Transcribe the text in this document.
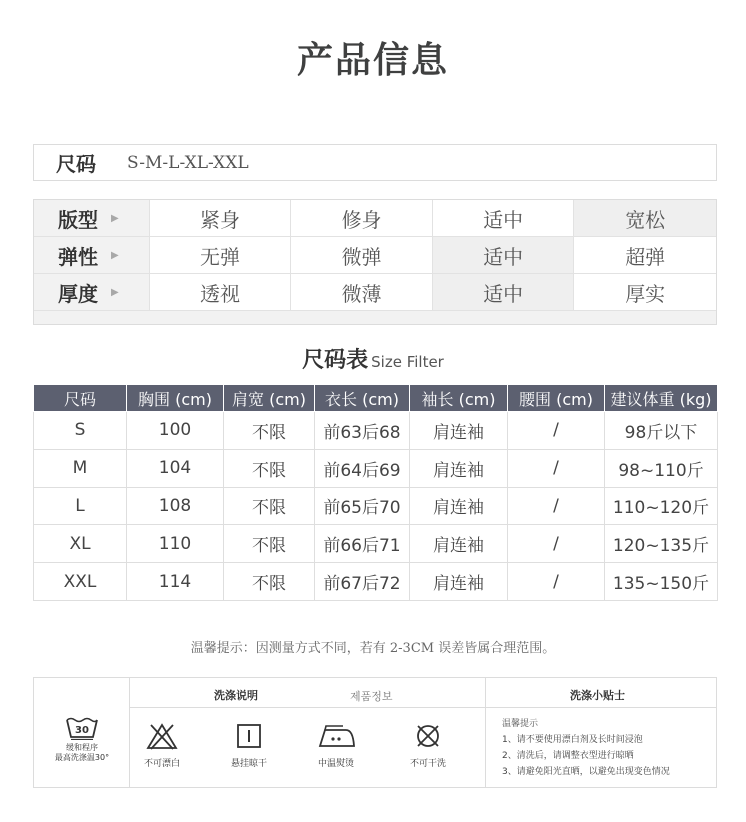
产品信息
尺码	S-M-L-XL-XXL
版型 ▶	紧身	修身	适中	宽松
弹性 ▶	无弹	微弹	适中	超弹
厚度 ▶	透视	微薄	适中	厚实
尺码表 Size Filter
尺码	胸围 (cm)	肩宽 (cm)	衣长 (cm)	袖长 (cm)	腰围 (cm)	建议体重 (kg)
S	100	不限	前63后68	肩连袖	/	98斤以下
M	104	不限	前64后69	肩连袖	/	98~110斤
L	108	不限	前65后70	肩连袖	/	110~120斤
XL	110	不限	前66后71	肩连袖	/	120~135斤
XXL	114	不限	前67后72	肩连袖	/	135~150斤
温馨提示：因测量方式不同，若有 2-3CM 误差皆属合理范围。
洗涤说明	제품정보	洗涤小贴士
30
缓和程序
最高洗涤温30°
不可漂白	悬挂晾干	中温熨烫	不可干洗
温馨提示
1、请不要使用漂白剂及长时间浸泡
2、清洗后，请调整衣型进行晾晒
3、请避免阳光直晒，以避免出现变色情况
